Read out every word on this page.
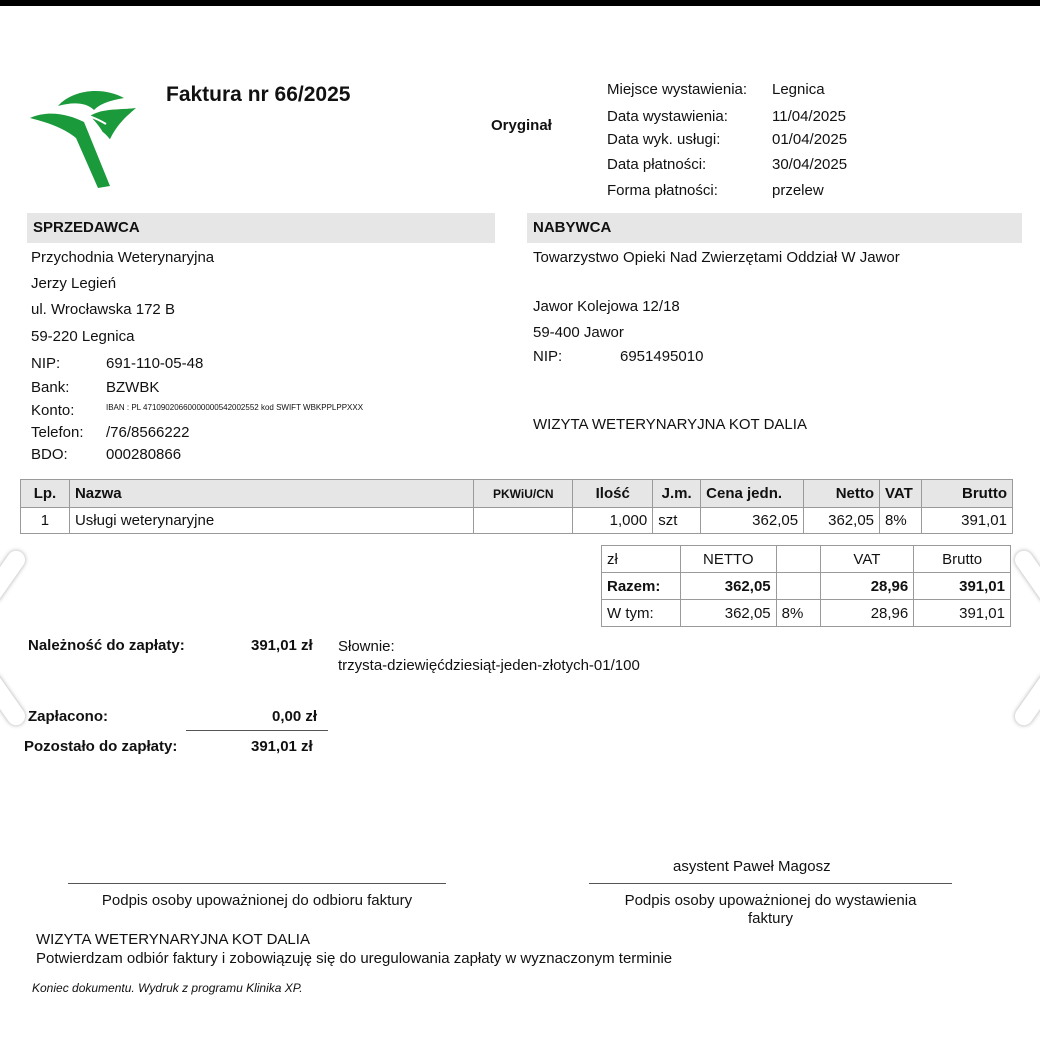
Faktura nr 66/2025
Oryginał
Miejsce wystawienia: Legnica
Data wystawienia:	11/04/2025
Data wyk. usługi:	01/04/2025
Data płatności:	30/04/2025
Forma płatności:	przelew
SPRZEDAWCA
Przychodnia Weterynaryjna
Jerzy Legień
ul. Wrocławska 172 B
59-220 Legnica
NIP:	691-110-05-48
Bank: BZWBK
Konto:	IBAN : PL 47109020660000000542002552 kod SWIFT WBKPPLPPXXX
Telefon: /76/8566222
BDO:	000280866
NABYWCA
Towarzystwo Opieki Nad Zwierzętami Oddział W Jawor
Jawor Kolejowa 12/18
59-400 Jawor
NIP:	6951495010
WIZYTA WETERYNARYJNA KOT DALIA
Lp.	Nazwa	PKWiU/CN	Ilość	J.m.	Cena jedn.	Netto	VAT	Brutto
1	Usługi weterynaryjne		1,000	szt	362,05	362,05	8%	391,01
zł	NETTO		VAT	Brutto
Razem:	362,05		28,96	391,01
W tym:	362,05	8%	28,96	391,01
Należność do zapłaty:	391,01 zł Słownie:
trzysta-dziewięćdziesiąt-jeden-złotych-01/100
Zapłacono:	0,00 zł
Pozostało do zapłaty:	391,01 zł
asystent Paweł Magosz
Podpis osoby upoważnionej do odbioru faktury	Podpis osoby upoważnionej do wystawienia
faktury
WIZYTA WETERYNARYJNA KOT DALIA
Potwierdzam odbiór faktury i zobowiązuję się do uregulowania zapłaty w wyznaczonym terminie
Koniec dokumentu. Wydruk z programu Klinika XP.
